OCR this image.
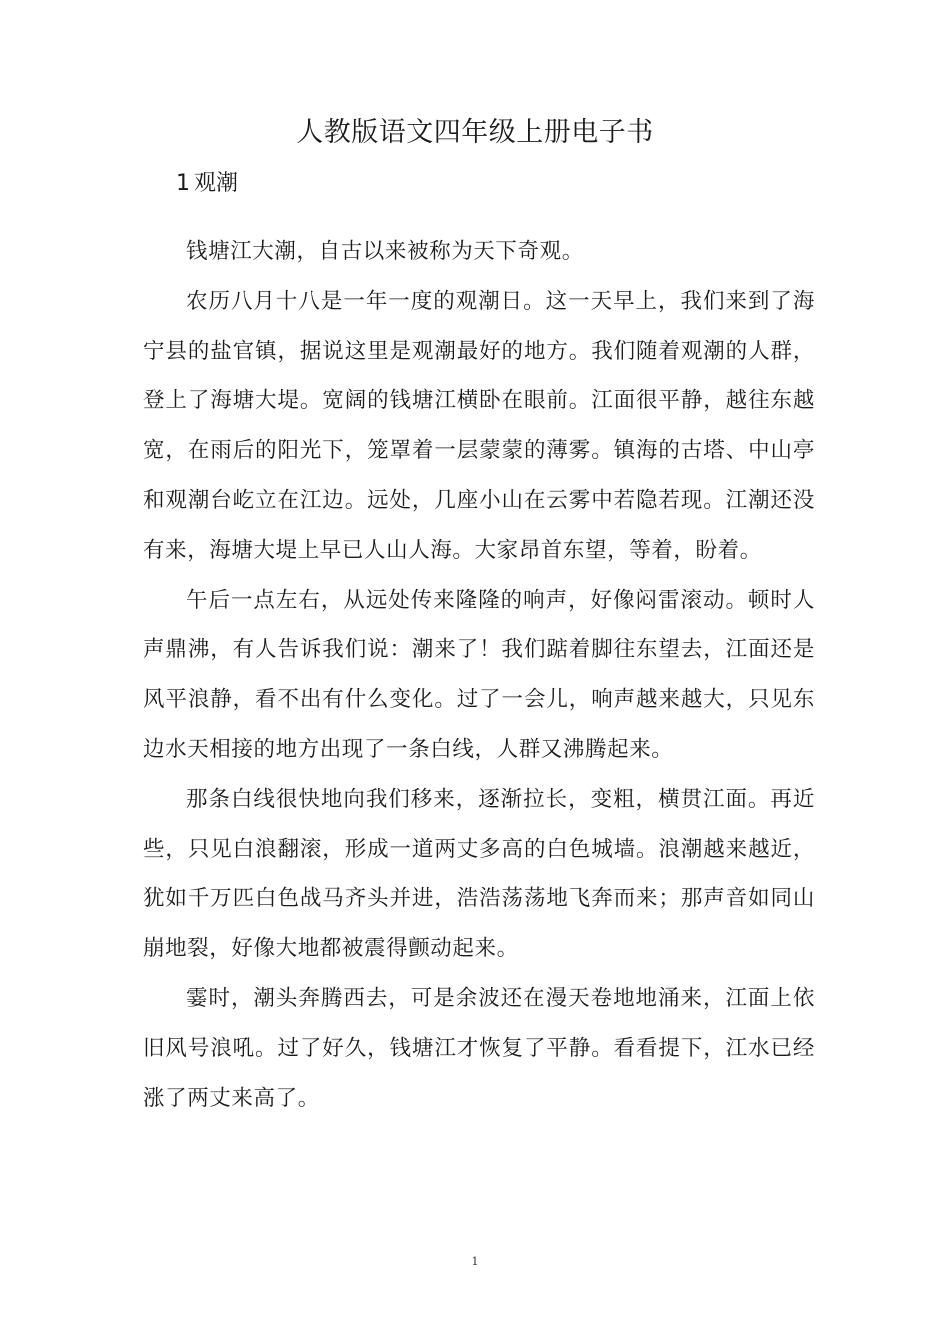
人教版语文四年级上册电子书
1 观潮

钱塘江大潮，自古以来被称为天下奇观。

农历八月十八是一年一度的观潮日。这一天早上，我们来到了海宁县的盐官镇，据说这里是观潮最好的地方。我们随着观潮的人群，登上了海塘大堤。宽阔的钱塘江横卧在眼前。江面很平静，越往东越宽，在雨后的阳光下，笼罩着一层蒙蒙的薄雾。镇海的古塔、中山亭和观潮台屹立在江边。远处，几座小山在云雾中若隐若现。江潮还没有来，海塘大堤上早已人山人海。大家昂首东望，等着，盼着。

午后一点左右，从远处传来隆隆的响声，好像闷雷滚动。顿时人声鼎沸，有人告诉我们说：潮来了！我们踮着脚往东望去，江面还是风平浪静，看不出有什么变化。过了一会儿，响声越来越大，只见东边水天相接的地方出现了一条白线，人群又沸腾起来。

那条白线很快地向我们移来，逐渐拉长，变粗，横贯江面。再近些，只见白浪翻滚，形成一道两丈多高的白色城墙。浪潮越来越近，犹如千万匹白色战马齐头并进，浩浩荡荡地飞奔而来；那声音如同山崩地裂，好像大地都被震得颤动起来。

霎时，潮头奔腾西去，可是余波还在漫天卷地地涌来，江面上依旧风号浪吼。过了好久，钱塘江才恢复了平静。看看提下，江水已经涨了两丈来高了。

1
